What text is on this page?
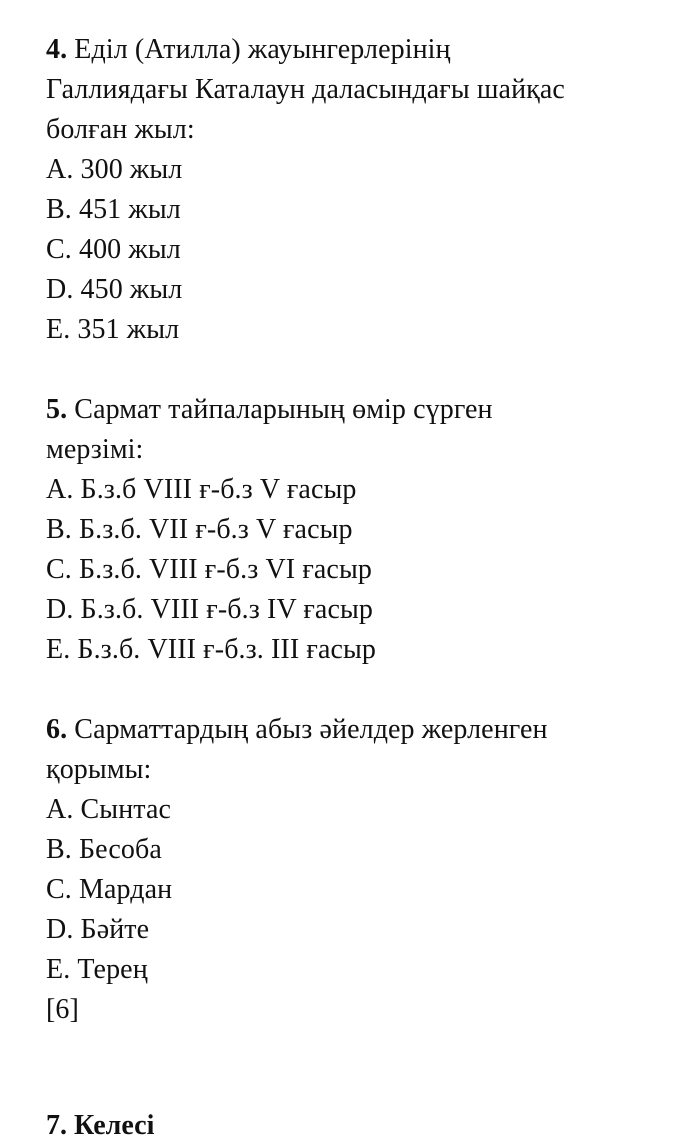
4. Еділ (Атилла) жауынгерлерінің
Галлиядағы Каталаун даласындағы шайқас
болған жыл:
A. 300 жыл
B. 451 жыл
C. 400 жыл
D. 450 жыл
E. 351 жыл
5. Сармат тайпаларының өмір сүрген
мерзімі:
A. Б.з.б VIII ғ-б.з V ғасыр
B. Б.з.б. VII ғ-б.з V ғасыр
C. Б.з.б. VIII ғ-б.з VI ғасыр
D. Б.з.б. VIII ғ-б.з IV ғасыр
E. Б.з.б. VIII ғ-б.з. III ғасыр
6. Сарматтардың абыз әйелдер жерленген
қорымы:
A. Сынтас
B. Бесоба
C. Мардан
D. Бәйте
E. Терең
[6]
7. Келесі
